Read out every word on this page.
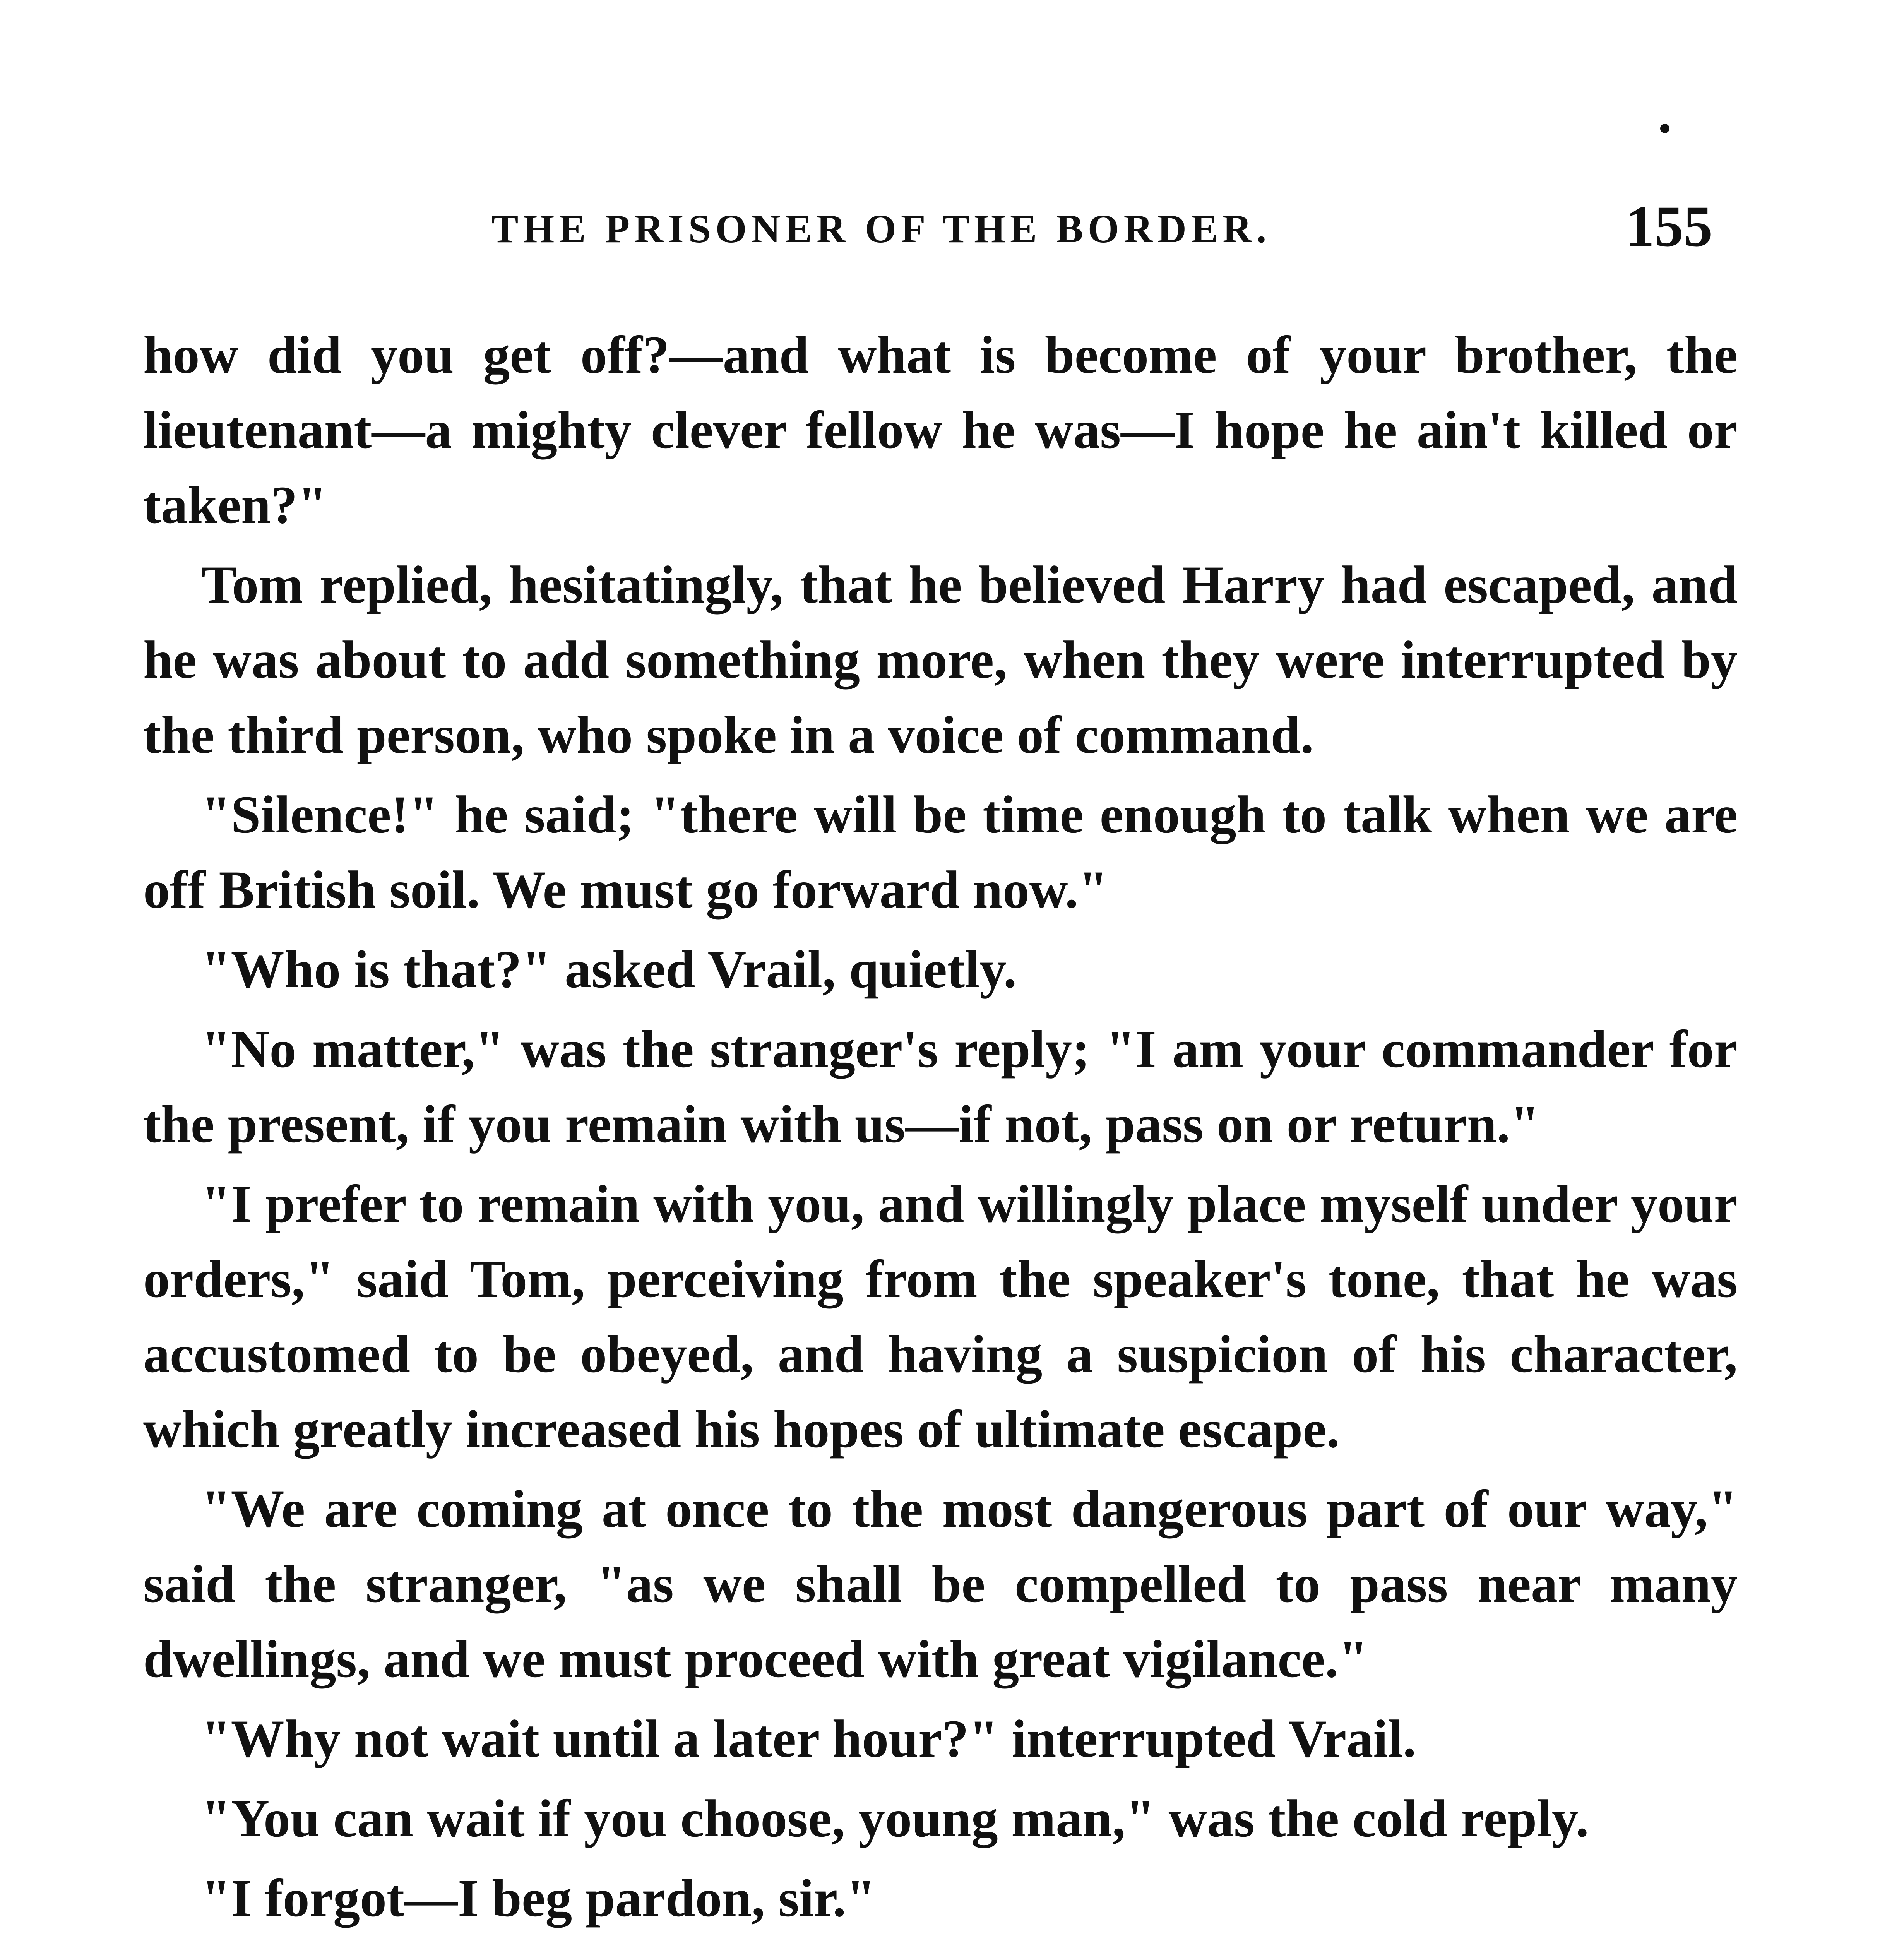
THE PRISONER OF THE BORDER.	155

how did you get off?—and what is become of your brother, the lieutenant—a mighty clever fellow he was—I hope he ain't killed or taken?"

Tom replied, hesitatingly, that he believed Harry had escaped, and he was about to add something more, when they were interrupted by the third person, who spoke in a voice of command.

"Silence!" he said; "there will be time enough to talk when we are off British soil. We must go forward now."

"Who is that?" asked Vrail, quietly.

"No matter," was the stranger's reply; "I am your commander for the present, if you remain with us—if not, pass on or return."

"I prefer to remain with you, and willingly place myself under your orders," said Tom, perceiving from the speaker's tone, that he was accustomed to be obeyed, and having a suspicion of his character, which greatly increased his hopes of ultimate escape.

"We are coming at once to the most dangerous part of our way," said the stranger, "as we shall be compelled to pass near many dwellings, and we must proceed with great vigilance."

"Why not wait until a later hour?" interrupted Vrail.

"You can wait if you choose, young man," was the cold reply.

"I forgot—I beg pardon, sir."
